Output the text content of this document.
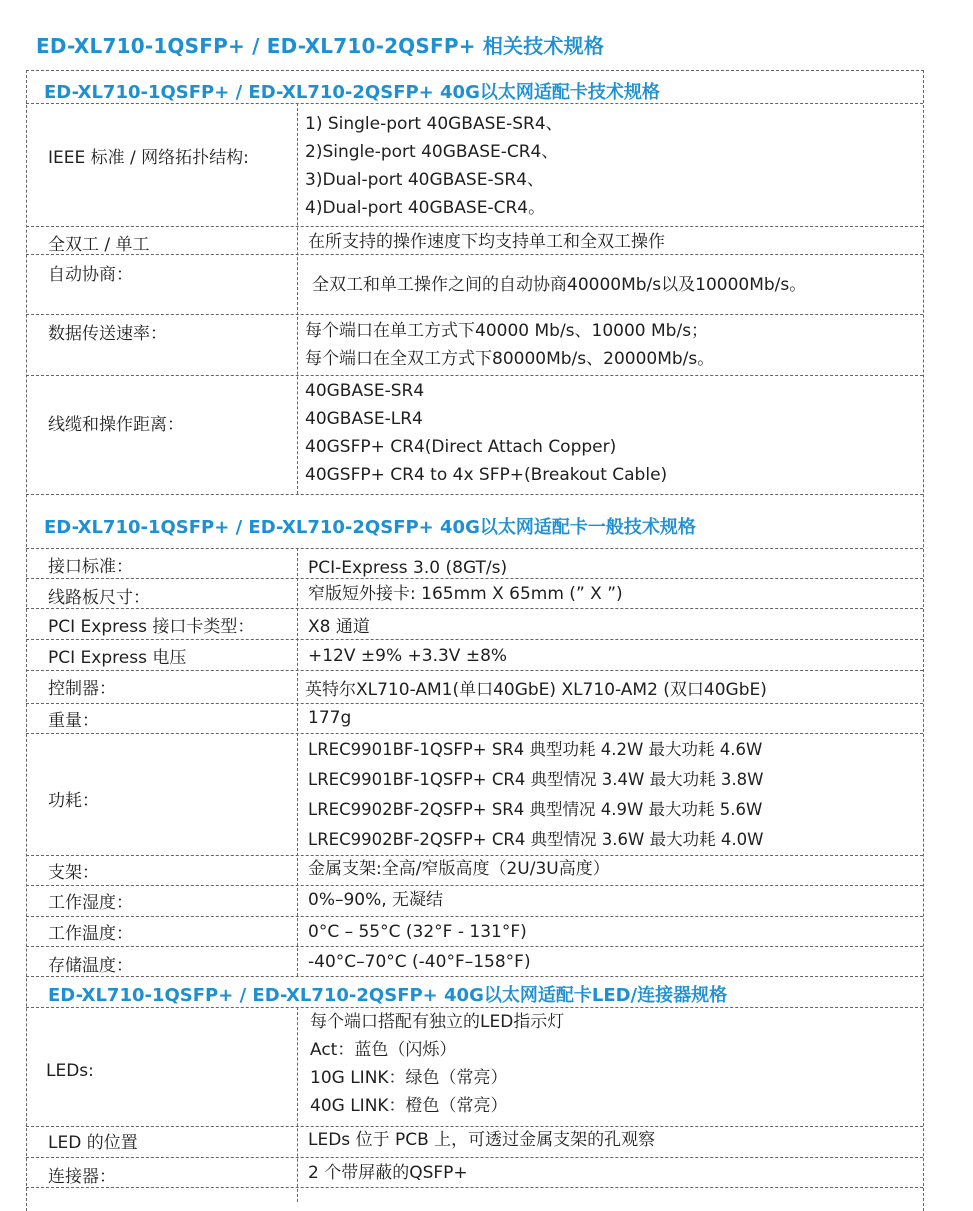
ED-XL710-1QSFP+ / ED-XL710-2QSFP+ 相关技术规格
ED-XL710-1QSFP+ / ED-XL710-2QSFP+ 40G以太网适配卡技术规格
IEEE 标准 / 网络拓扑结构:
1) Single-port 40GBASE-SR4、
2)Single-port 40GBASE-CR4、
3)Dual-port 40GBASE-SR4、
4)Dual-port 40GBASE-CR4。
全双工 / 单工	在所支持的操作速度下均支持单工和全双工操作
自动协商：	全双工和单工操作之间的自动协商40000Mb/s以及10000Mb/s。
数据传送速率：	每个端口在单工方式下40000 Mb/s、10000 Mb/s；
每个端口在全双工方式下80000Mb/s、20000Mb/s。
线缆和操作距离：
40GBASE-SR4
40GBASE-LR4
40GSFP+ CR4(Direct Attach Copper)
40GSFP+ CR4 to 4x SFP+(Breakout Cable)
ED-XL710-1QSFP+ / ED-XL710-2QSFP+ 40G以太网适配卡一般技术规格
接口标准：	PCI-Express 3.0 (8GT/s)
线路板尺寸：	窄版短外接卡: 165mm X 65mm (” X ”)
PCI Express 接口卡类型：	X8 通道
PCI Express 电压	+12V ±9% +3.3V ±8%
控制器：	英特尔XL710-AM1(单口40GbE) XL710-AM2 (双口40GbE)
重量：	177g
功耗：
LREC9901BF-1QSFP+ SR4 典型功耗 4.2W 最大功耗 4.6W
LREC9901BF-1QSFP+ CR4 典型情况 3.4W 最大功耗 3.8W
LREC9902BF-2QSFP+ SR4 典型情况 4.9W 最大功耗 5.6W
LREC9902BF-2QSFP+ CR4 典型情况 3.6W 最大功耗 4.0W
支架：	金属支架:全高/窄版高度（2U/3U高度）
工作湿度：	0%–90%, 无凝结
工作温度：	0°C – 55°C (32°F - 131°F)
存储温度：	-40°C–70°C (-40°F–158°F)
ED-XL710-1QSFP+ / ED-XL710-2QSFP+ 40G以太网适配卡LED/连接器规格
LEDs:
每个端口搭配有独立的LED指示灯
Act：蓝色（闪烁）
10G LINK：绿色（常亮）
40G LINK：橙色（常亮）
LED 的位置	LEDs 位于 PCB 上，可透过金属支架的孔观察
连接器：	2 个带屏蔽的QSFP+
